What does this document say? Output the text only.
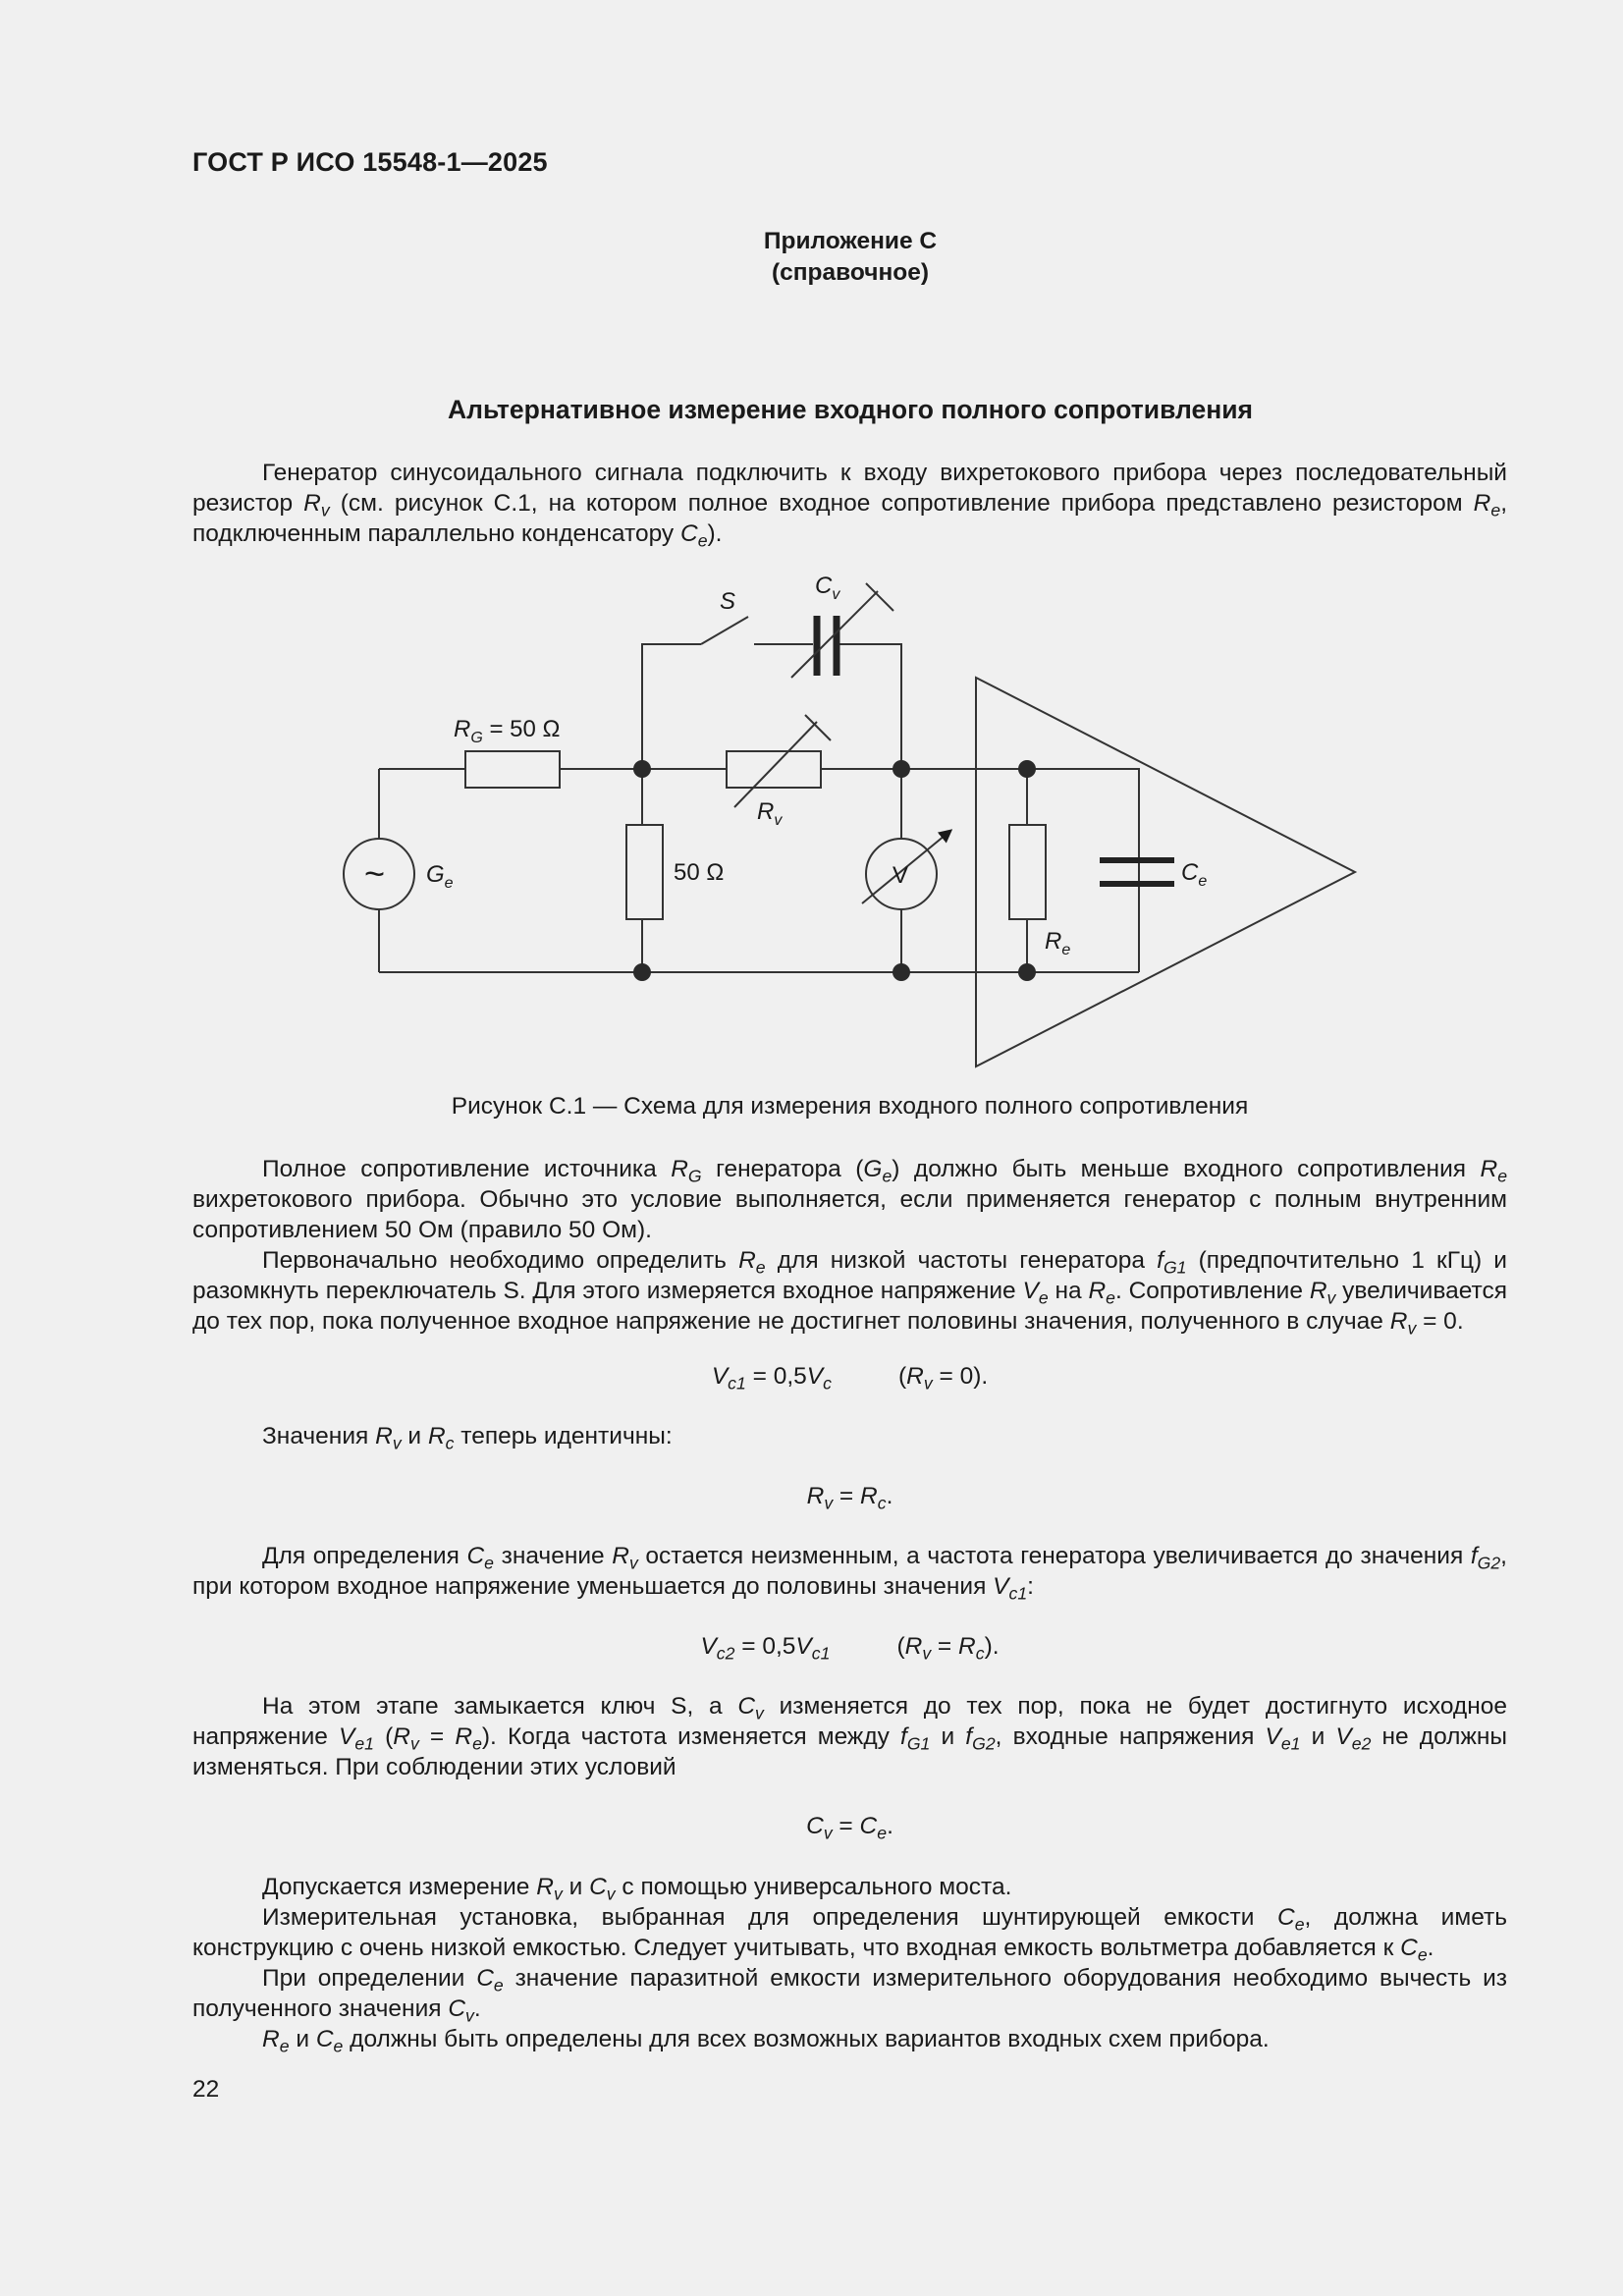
ГОСТ Р ИСО 15548-1—2025
Приложение С
(справочное)
Альтернативное измерение входного полного сопротивления

Генератор синусоидального сигнала подключить к входу вихретокового прибора через последовательный резистор $R_v$ (см. рисунок С.1, на котором полное входное сопротивление прибора представлено резистором $R_e$, подключенным параллельно конденсатору $C_e$).

S
$C_v$
$R_G = 50$ Ω
$R_v$
$G_e$	50 Ω	V	$C_e$
$R_e$
~
Рисунок С.1 — Схема для измерения входного полного сопротивления

Полное сопротивление источника $R_G$ генератора $(G_e)$ должно быть меньше входного сопротивления $R_e$ вихретокового прибора. Обычно это условие выполняется, если применяется генератор с полным внутренним сопротивлением 50 Ом (правило 50 Ом).

Первоначально необходимо определить $R_e$ для низкой частоты генератора $f_{G1}$ (предпочтительно 1 кГц) и разомкнуть переключатель S. Для этого измеряется входное напряжение $V_e$ на $R_e$. Сопротивление $R_v$ увеличивается до тех пор, пока полученное входное напряжение не достигнет половины значения, полученного в случае $R_v = 0$.

$V_{c1} = 0,5V_c$          $(R_v = 0)$.

Значения $R_v$ и $R_c$ теперь идентичны:

$R_v = R_c$.

Для определения $C_e$ значение $R_v$ остается неизменным, а частота генератора увеличивается до значения $f_{G2}$, при котором входное напряжение уменьшается до половины значения $V_{c1}$:

$V_{c2} = 0,5V_{c1}$          $(R_v = R_c)$.

На этом этапе замыкается ключ S, а $C_v$ изменяется до тех пор, пока не будет достигнуто исходное напряжение $V_{e1}$ $(R_v = R_e)$. Когда частота изменяется между $f_{G1}$ и $f_{G2}$, входные напряжения $V_{e1}$ и $V_{e2}$ не должны изменяться. При соблюдении этих условий

$C_v = C_e$.

Допускается измерение $R_v$ и $C_v$ с помощью универсального моста.

Измерительная установка, выбранная для определения шунтирующей емкости $C_e$, должна иметь конструкцию с очень низкой емкостью. Следует учитывать, что входная емкость вольтметра добавляется к $C_e$.

При определении $C_e$ значение паразитной емкости измерительного оборудования необходимо вычесть из полученного значения $C_v$.

$R_e$ и $C_e$ должны быть определены для всех возможных вариантов входных схем прибора.

22
